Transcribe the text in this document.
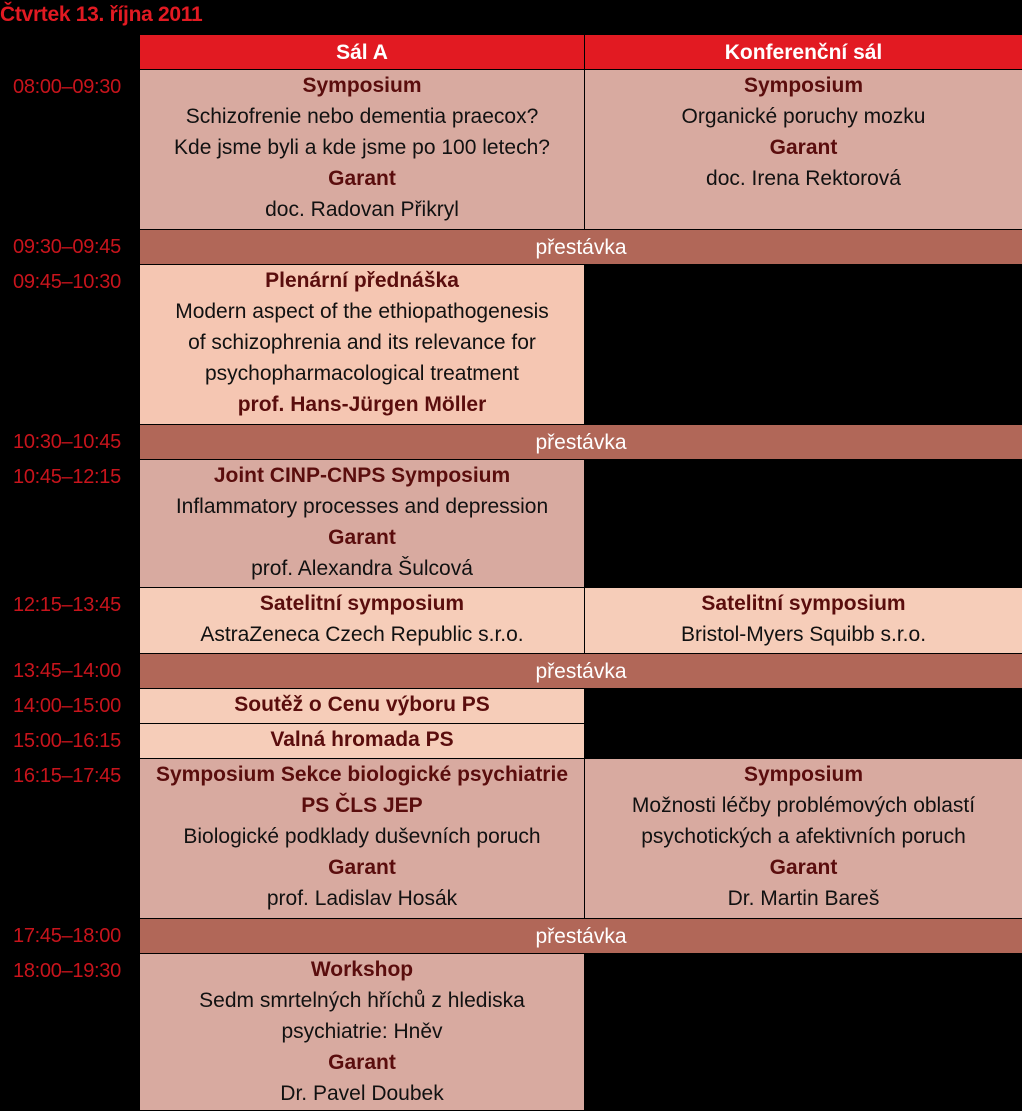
Čtvrtek 13. října 2011
	Sál A	Konferenční sál
08:00–09:30	Symposium
Schizofrenie nebo dementia praecox?
Kde jsme byli a kde jsme po 100 letech?
Garant
doc. Radovan Přikryl	Symposium
Organické poruchy mozku
Garant
doc. Irena Rektorová

09:30–09:45	přestávka	
09:45–10:30	Plenární přednáška
Modern aspect of the ethiopathogenesis
of schizophrenia and its relevance for
psychopharmacological treatment
prof. Hans-Jürgen Möller	

10:30–10:45	přestávka	
10:45–12:15	Joint CINP-CNPS Symposium
Inflammatory processes and depression
Garant
prof. Alexandra Šulcová	

12:15–13:45	Satelitní symposium
AstraZeneca Czech Republic s.r.o.	Satelitní symposium
Bristol-Myers Squibb s.r.o.

13:45–14:00	přestávka	
14:00–15:00	Soutěž o Cenu výboru PS	

15:00–16:15	Valná hromada PS	

16:15–17:45	Symposium Sekce biologické psychiatrie
PS ČLS JEP
Biologické podklady duševních poruch
Garant
prof. Ladislav Hosák	Symposium
Možnosti léčby problémových oblastí
psychotických a afektivních poruch
Garant
Dr. Martin Bareš

17:45–18:00	přestávka	
18:00–19:30	Workshop
Sedm smrtelných hříchů z hlediska
psychiatrie: Hněv
Garant
Dr. Pavel Doubek	
